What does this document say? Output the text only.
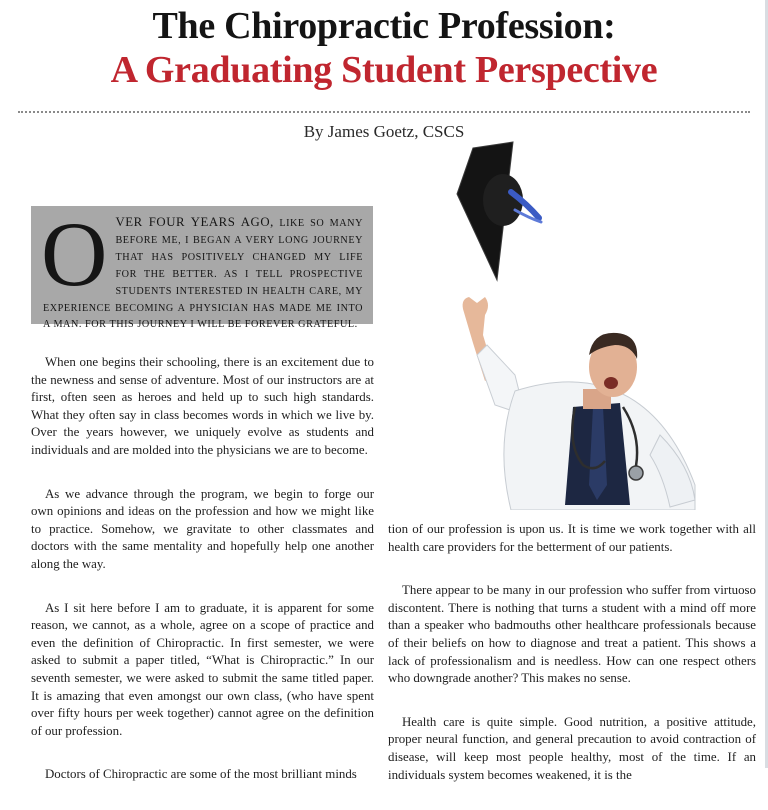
The Chiropractic Profession:
A Graduating Student Perspective
By James Goetz, CSCS
O VER FOUR YEARS AGO, LIKE SO MANY BEFORE ME, I BEGAN A VERY LONG JOURNEY THAT HAS POSITIVELY CHANGED MY LIFE FOR THE BETTER. AS I TELL PROSPECTIVE STUDENTS INTERESTED IN HEALTH CARE, MY EXPERIENCE BECOMING A PHYSICIAN HAS MADE ME INTO A MAN. FOR THIS JOURNEY I WILL BE FOREVER GRATEFUL.

When one begins their schooling, there is an excitement due to the newness and sense of adventure. Most of our instructors are at first, often seen as heroes and held up to such high standards. What they often say in class becomes words in which we live by. Over the years however, we uniquely evolve as students and individuals and are molded into the physicians we are to become.

As we advance through the program, we begin to forge our own opinions and ideas on the profession and how we might like to practice. Somehow, we gravitate to other classmates and doctors with the same mentality and hopefully help one another along the way.

As I sit here before I am to graduate, it is apparent for some reason, we cannot, as a whole, agree on a scope of practice and even the definition of Chiropractic. In first semester, we were asked to submit a paper titled, “What is Chiropractic.” In our seventh semester, we were asked to submit the same titled paper. It is amazing that even amongst our own class, (who have spent over fifty hours per week together) cannot agree on the definition of our profession.

Doctors of Chiropractic are some of the most brilliant minds

tion of our profession is upon us. It is time we work together with all health care providers for the betterment of our patients.

There appear to be many in our profession who suffer from virtuoso discontent. There is nothing that turns a student with a mind off more than a speaker who badmouths other healthcare professionals because of their beliefs on how to diagnose and treat a patient. This shows a lack of professionalism and is needless. How can one respect others who downgrade another? This makes no sense.

Health care is quite simple. Good nutrition, a positive attitude, proper neural function, and general precaution to avoid contraction of disease, will keep most people healthy, most of the time. If an individuals system becomes weakened, it is the
